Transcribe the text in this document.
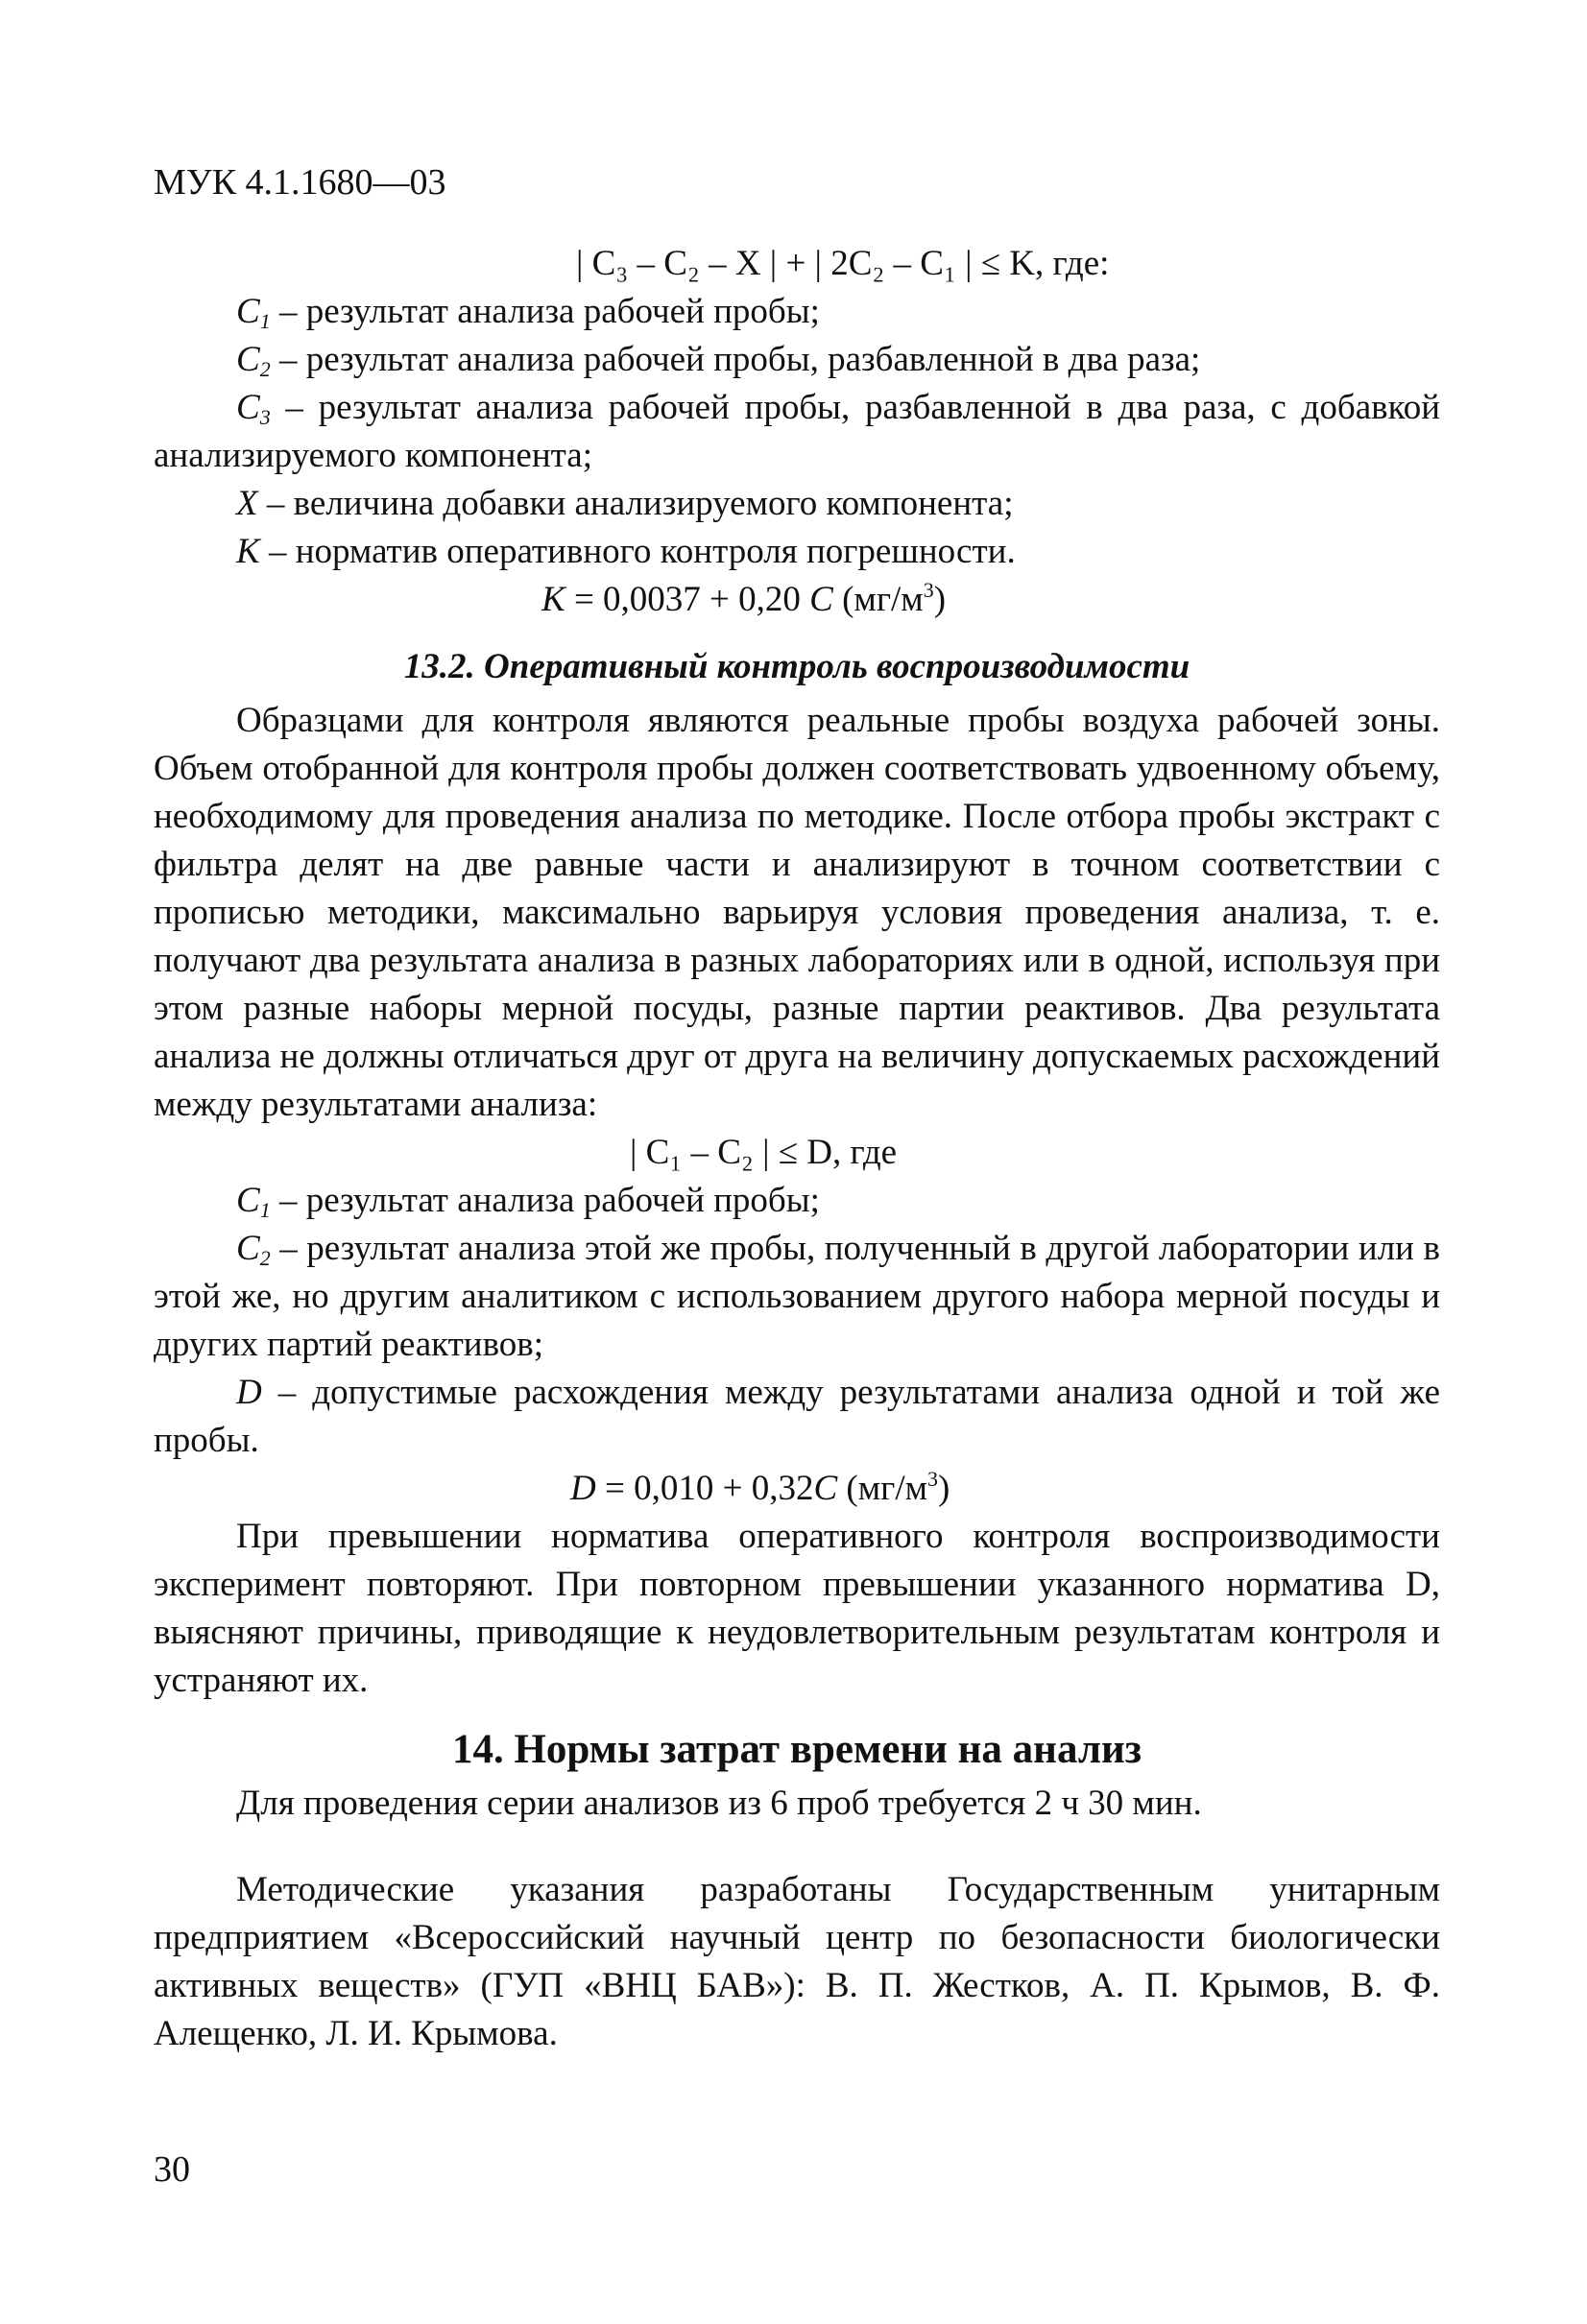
МУК 4.1.1680—03

| C₃ – C₂ – X | + | 2C₂ – C₁ | ≤ K, где:

$C_1$ – результат анализа рабочей пробы;

$C_2$ – результат анализа рабочей пробы, разбавленной в два раза;

$C_3$ – результат анализа рабочей пробы, разбавленной в два раза, с добавкой анализируемого компонента;

X – величина добавки анализируемого компонента;

K – норматив оперативного контроля погрешности.

K = 0,0037 + 0,20 C $(мг/м^3)$

13.2. Оперативный контроль воспроизводимости

Образцами для контроля являются реальные пробы воздуха рабочей зоны. Объем отобранной для контроля пробы должен соответствовать удвоенному объему, необходимому для проведения анализа по методике. После отбора пробы экстракт с фильтра делят на две равные части и анализируют в точном соответствии с прописью методики, максимально варьируя условия проведения анализа, т. е. получают два результата анализа в разных лабораториях или в одной, используя при этом разные наборы мерной посуды, разные партии реактивов. Два результата анализа не должны отличаться друг от друга на величину допускаемых расхождений между результатами анализа:

| C₁ – C₂ | ≤ D, где

$C_1$ – результат анализа рабочей пробы;

$C_2$ – результат анализа этой же пробы, полученный в другой лаборатории или в этой же, но другим аналитиком с использованием другого набора мерной посуды и других партий реактивов;

D – допустимые расхождения между результатами анализа одной и той же пробы.

D = 0,010 + 0,32C $(мг/м^3)$

При превышении норматива оперативного контроля воспроизводимости эксперимент повторяют. При повторном превышении указанного норматива D, выясняют причины, приводящие к неудовлетворительным результатам контроля и устраняют их.

14. Нормы затрат времени на анализ

Для проведения серии анализов из 6 проб требуется 2 ч 30 мин.

Методические указания разработаны Государственным унитарным предприятием «Всероссийский научный центр по безопасности биологически активных веществ» (ГУП «ВНЦ БАВ»): В. П. Жестков, А. П. Крымов, В. Ф. Алещенко, Л. И. Крымова.

30
